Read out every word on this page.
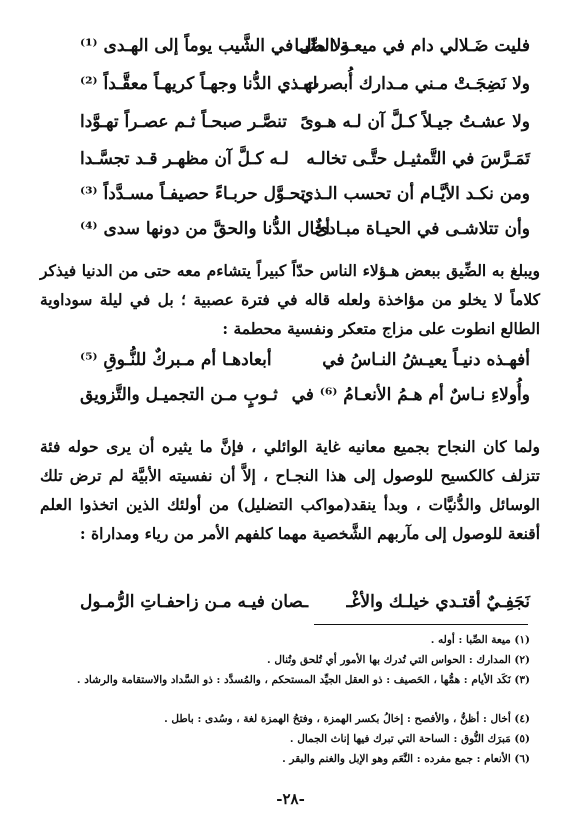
فليت ضَـلالي دام في ميعـة الصِّبـا
ولا مال في الشَّيب يوماً إلى الهـدى ⁽¹⁾
ولا نَضِجَـتْ مـني مـدارك أُبصرت
لهـذي الدُّنا وجهـاً كريهـاً معقَّـداً ⁽²⁾
ولا عشـتُ جيـلاً كـلَّ آن لـه هـوىً
تنصَّـر صبحـاً ثـم عصـراً تهـوَّدا
تَمَـرَّسَ في التَّمثيـل حتَّـى تخالـه
لـه كـلَّ آن مظهـر قـد تجسَّـدا
ومن نكـد الأيَّـام أن تحسب الـذي
تحـوَّل حربـاءً حصيفـاً مسـدَّداً ⁽³⁾
وأن تتلاشـى في الحيـاة مبـادئٌ
أخال الدُّنا والحقَّ من دونها سدى ⁽⁴⁾
ويبلغ به الضِّيق ببعض هـؤلاء الناس حدّاً كبيراً يتشاءم معه حتى من الدنيا فيذكر كلاماً لا يخلو من مؤاخذة ولعله قاله في فترة عصبية ؛ بل في ليلة سوداوية الطالع انطوت على مزاج متعكر ونفسية محطمة :
أفهـذه دنيـاً يعيـشُ النـاسُ في
أبعادهـا أم مـبركٌ للنُّـوقِ ⁽⁵⁾
وأُولاءِ نـاسٌ أم هـمُ الأنعـامُ ⁽⁶⁾ في
ثـوبٍ مـن التجميـل والتَّزويق
ولما كان النجاح بجميع معانيه غاية الوائلي ، فإنَّ ما يثيره أن يرى حوله فئة تتزلف كالكسيح للوصول إلى هذا النجـاح ، إلاَّ أن نفسيته الأبيَّة لم ترض تلك الوسائل والدُّنيَّات ، وبدأ ينقد(مواكب التضليل) من أولئك الذين اتخذوا العلم أقنعة للوصول إلى مآربهم الشَّخصية مهما كلفهم الأمر من رياء ومداراة :
نَجَفِـيٌ أقتـدي خيلـك والأغْـ
ـصان فيـه مـن زاحفـاتِ الرُّمـول
(١) ميعة الصِّبا : أوله .
(٢) المدارك : الحواس التي تُدرك بها الأمور أي تُلحق وتُنال .
(٣) نَكَد الأيام : همُّها ، الحَصيف : ذو العقل الجيِّد المستحكم ، والمُسدَّد : ذو السَّداد والاستقامة والرشاد .
(٤) أخال : أظنُّ ، والأفصح : إخالُ بكسر الهمزة ، وفتحُ الهمزة لغة ، وسُدى : باطل .
(٥) مَبرَك النُّوق : الساحة التي تبرك فيها إناث الجمال .
(٦) الأنعام : جمع مفرده : النَّعَم وهو الإبل والغنم والبقر .
-٢٨-
